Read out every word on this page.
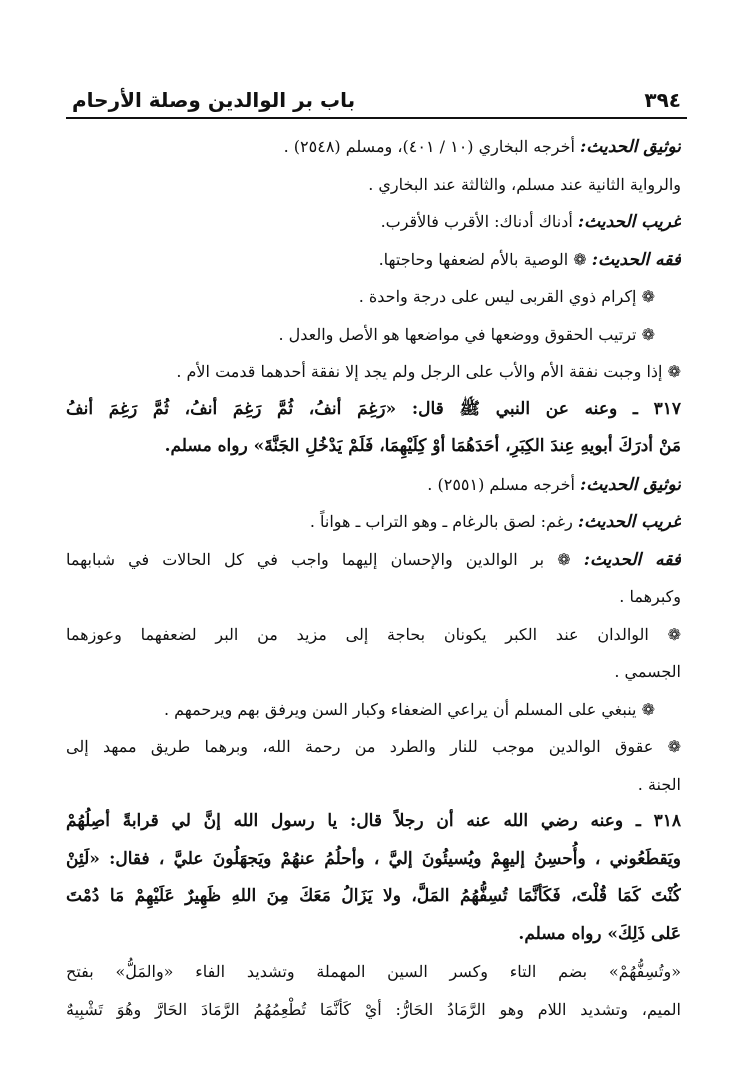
٣٩٤
باب بر الوالدين وصلة الأرحام
توثيق الحديث: أخرجه البخاري (١٠ / ٤٠١)، ومسلم (٢٥٤٨) .
والرواية الثانية عند مسلم، والثالثة عند البخاري .
غريب الحديث: أدناك أدناك: الأقرب فالأقرب.
فقه الحديث: ❁ الوصية بالأم لضعفها وحاجتها.
❁ إكرام ذوي القربى ليس على درجة واحدة .
❁ ترتيب الحقوق ووضعها في مواضعها هو الأصل والعدل .
❁ إذا وجبت نفقة الأم والأب على الرجل ولم يجد إلا نفقة أحدهما قدمت الأم .
٣١٧ ـ وعنه عن النبي ﷺ قال: «رَغِمَ أنفُ، ثُمَّ رَغِمَ أنفُ، ثُمَّ رَغِمَ أنفُ
مَنْ أدرَكَ أبويهِ عِندَ الكِبَرِ، أحَدَهُمَا أوْ كِلَيْهِمَا، فَلَمْ يَدْخُلِ الجَنَّةَ» رواه مسلم.
توثيق الحديث: أخرجه مسلم (٢٥٥١) .
غريب الحديث: رغم: لصق بالرغام ـ وهو التراب ـ هواناً .
فقه الحديث: ❁ بر الوالدين والإحسان إليهما واجب في كل الحالات في شبابهما
وكبرهما .
❁ الوالدان عند الكبر يكونان بحاجة إلى مزيد من البر لضعفهما وعوزهما
الجسمي .
❁ ينبغي على المسلم أن يراعي الضعفاء وكبار السن ويرفق بهم ويرحمهم .
❁ عقوق الوالدين موجب للنار والطرد من رحمة الله، وبرهما طريق ممهد إلى
الجنة .
٣١٨ ـ وعنه رضي الله عنه أن رجلاً قال: يا رسول الله إنَّ لي قرابةً أصِلُهُمْ
ويَقطَعُوني ، وأُحسِنُ إليهِمْ ويُسيئُونَ إليَّ ، وأحلُمُ عنهُمْ ويَجهَلُونَ عليَّ ، فقال: «لَئِنْ
كُنْتَ كَمَا قُلْتَ، فَكَأنَّمَا تُسِفُّهُمُ المَلَّ، ولا يَزَالُ مَعَكَ مِنَ اللهِ ظَهِيرٌ عَلَيْهِمْ مَا دُمْتَ
عَلى ذَلِكَ» رواه مسلم.
«وتُسِفُّهُمْ» بضم التاء وكسر السين المهملة وتشديد الفاء «والمَلُّ» بفتح
الميم، وتشديد اللام وهو الرَّمَادُ الحَارُّ: أيْ كَأنَّمَا تُطْعِمُهُمُ الرَّمَادَ الحَارَّ وهُوَ تَشْبِيهٌ
